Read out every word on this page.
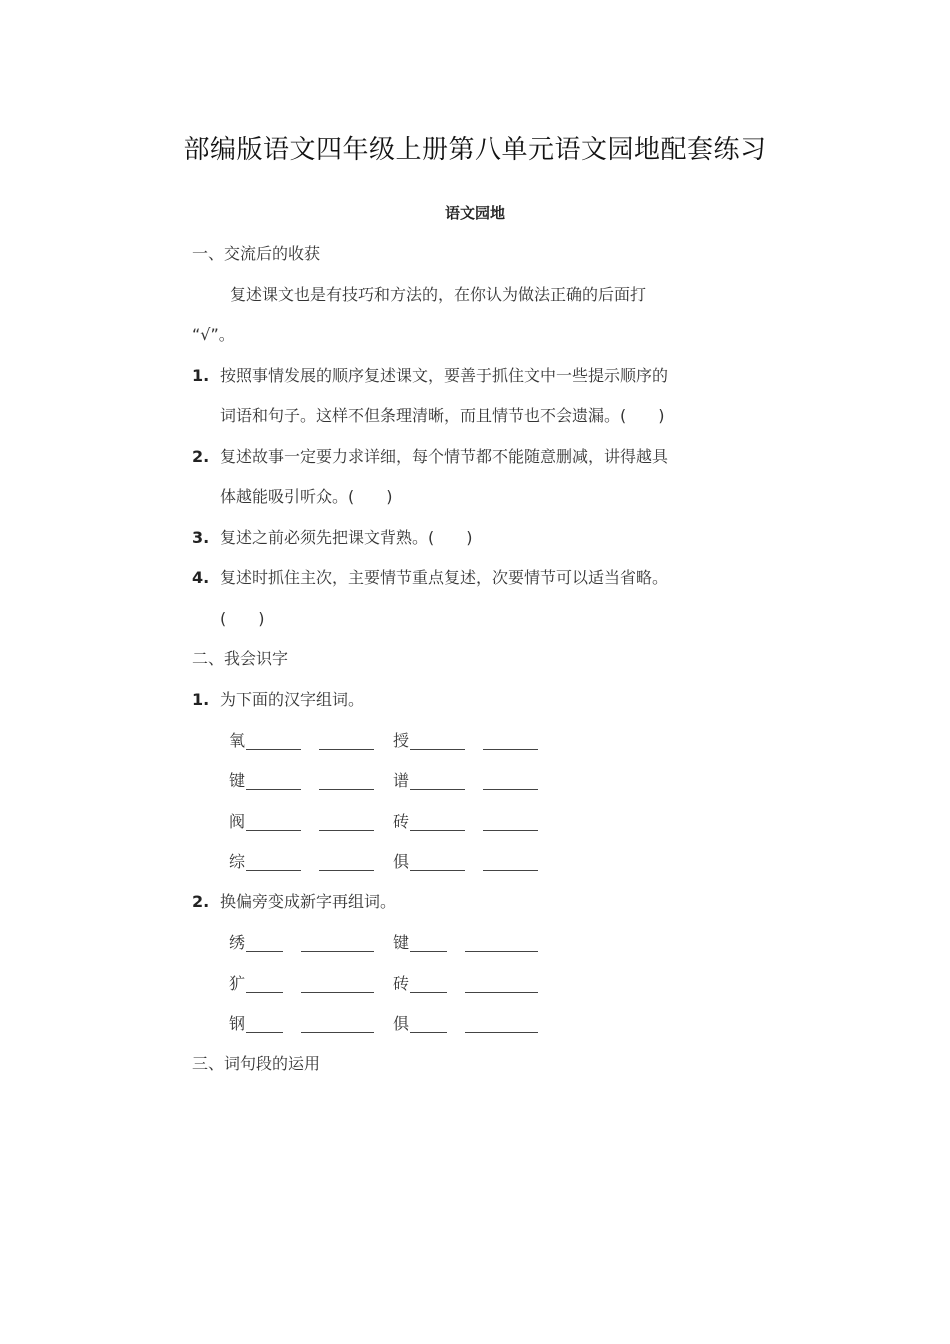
部编版语文四年级上册第八单元语文园地配套练习
语文园地
一、交流后的收获
复述课文也是有技巧和方法的，在你认为做法正确的后面打
“√”。
1. 按照事情发展的顺序复述课文，要善于抓住文中一些提示顺序的
词语和句子。这样不但条理清晰，而且情节也不会遗漏。(　　)
2. 复述故事一定要力求详细，每个情节都不能随意删减，讲得越具
体越能吸引听众。(　　)
3. 复述之前必须先把课文背熟。(　　)
4. 复述时抓住主次，主要情节重点复述，次要情节可以适当省略。
(　　)
二、我会识字
1. 为下面的汉字组词。
氧	授
键	谱
阀	砖
综	俱
2. 换偏旁变成新字再组词。
绣	键
犷	砖
钢	俱
三、词句段的运用
